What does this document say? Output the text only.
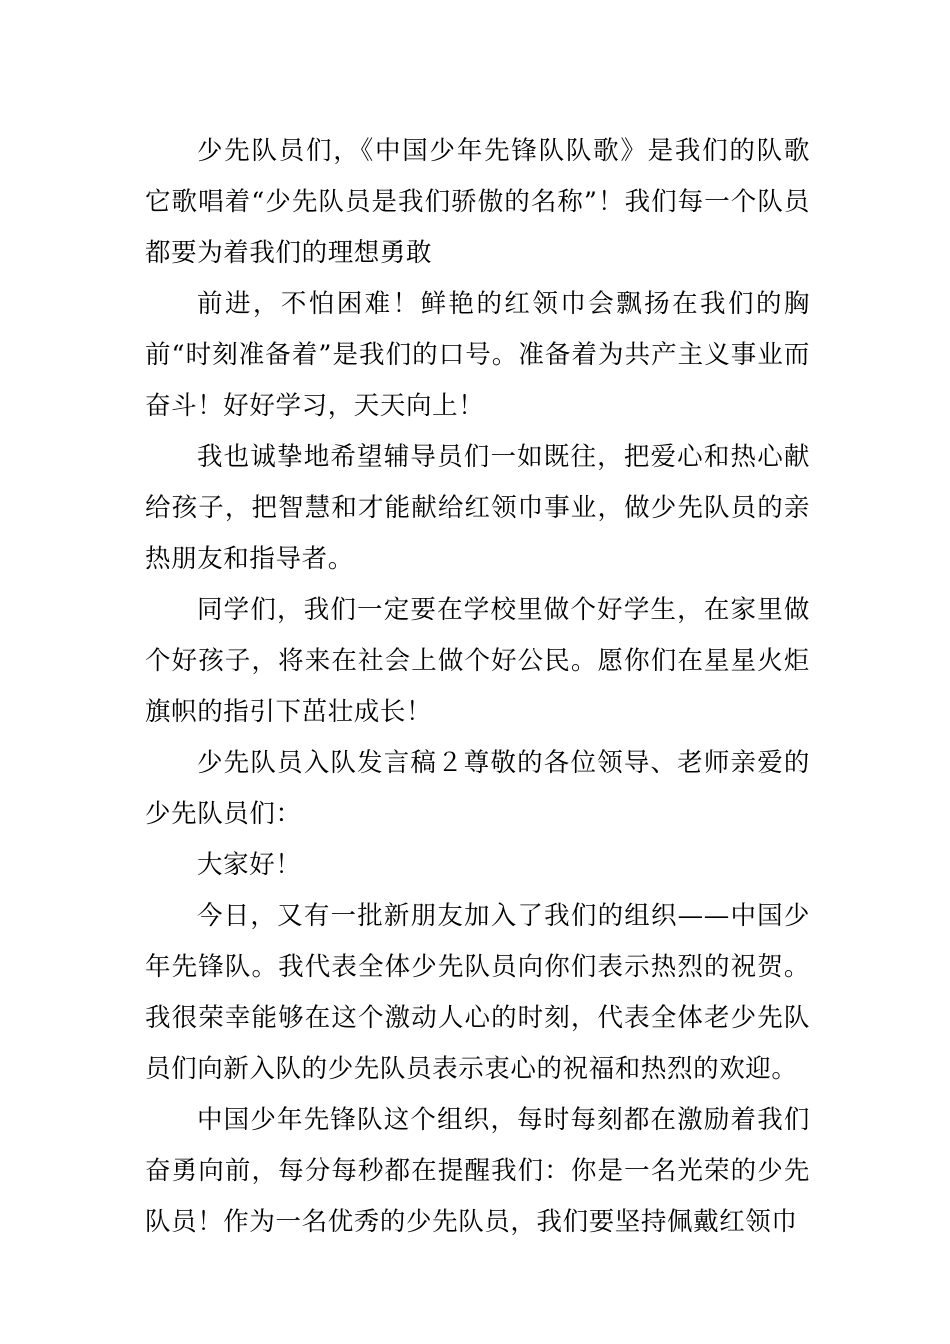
少先队员们，《中国少年先锋队队歌》是我们的队歌它歌唱着“少先队员是我们骄傲的名称”！我们每一个队员都要为着我们的理想勇敢

前进，不怕困难！鲜艳的红领巾会飘扬在我们的胸前“时刻准备着”是我们的口号。准备着为共产主义事业而奋斗！好好学习，天天向上！

我也诚挚地希望辅导员们一如既往，把爱心和热心献给孩子，把智慧和才能献给红领巾事业，做少先队员的亲热朋友和指导者。

同学们，我们一定要在学校里做个好学生，在家里做个好孩子，将来在社会上做个好公民。愿你们在星星火炬旗帜的指引下茁壮成长！

少先队员入队发言稿２尊敬的各位领导、老师亲爱的少先队员们：

大家好！

今日，又有一批新朋友加入了我们的组织——中国少年先锋队。我代表全体少先队员向你们表示热烈的祝贺。我很荣幸能够在这个激动人心的时刻，代表全体老少先队员们向新入队的少先队员表示衷心的祝福和热烈的欢迎。

中国少年先锋队这个组织，每时每刻都在激励着我们奋勇向前，每分每秒都在提醒我们：你是一名光荣的少先队员！作为一名优秀的少先队员，我们要坚持佩戴红领巾
